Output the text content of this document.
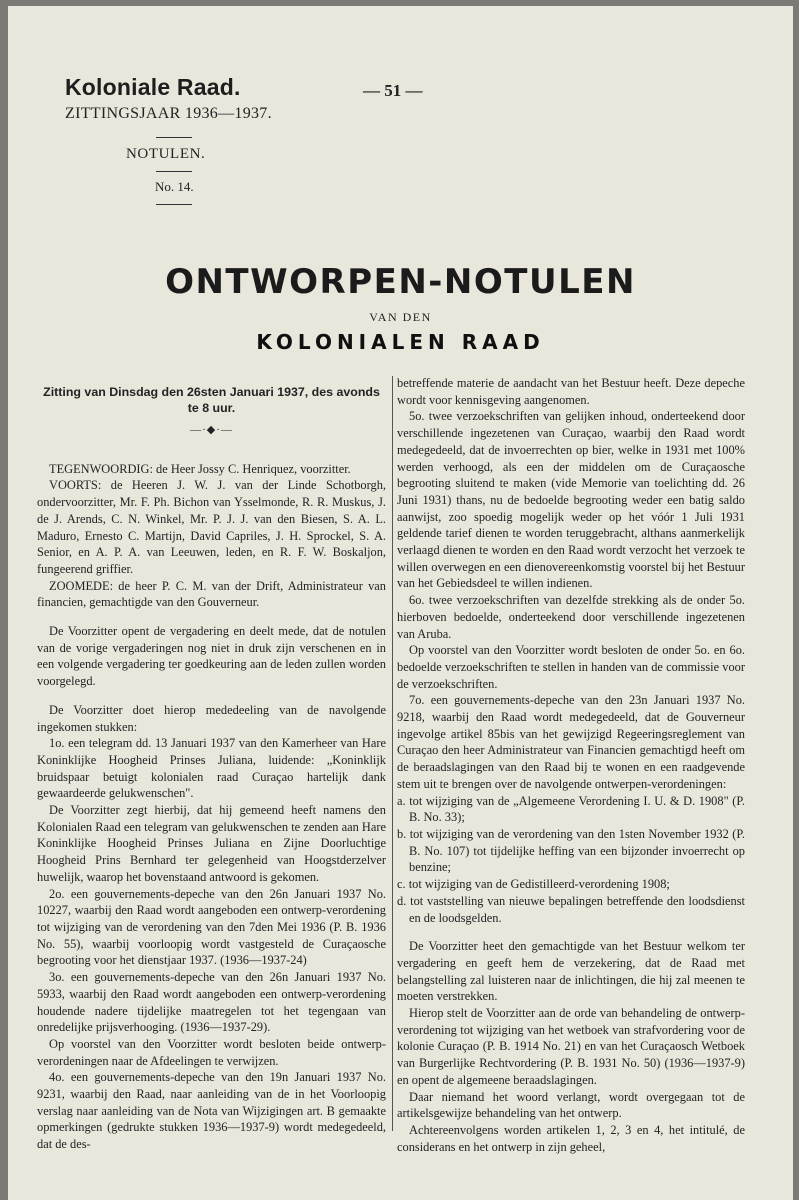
Koloniale Raad.
ZITTINGSJAAR 1936—1937.
— 51 —
NOTULEN.
No. 14.
ONTWORPEN-NOTULEN
VAN DEN
KOLONIALEN RAAD

Zitting van Dinsdag den 26sten Januari 1937, des avonds te 8 uur.

—·◆·—

TEGENWOORDIG: de Heer Jossy C. Henriquez, voorzitter.

VOORTS: de Heeren J. W. J. van der Linde Schotborgh, ondervoorzitter, Mr. F. Ph. Bichon van Ysselmonde, R. R. Muskus, J. de J. Arends, C. N. Winkel, Mr. P. J. J. van den Biesen, S. A. L. Maduro, Ernesto C. Martijn, David Capriles, J. H. Sprockel, S. A. Senior, en A. P. A. van Leeuwen, leden, en R. F. W. Boskaljon, fungeerend griffier.

ZOOMEDE: de heer P. C. M. van der Drift, Administrateur van financien, gemachtigde van den Gouverneur.

De Voorzitter opent de vergadering en deelt mede, dat de notulen van de vorige vergaderingen nog niet in druk zijn verschenen en in een volgende vergadering ter goedkeuring aan de leden zullen worden voorgelegd.

De Voorzitter doet hierop mededeeling van de navolgende ingekomen stukken:

1o. een telegram dd. 13 Januari 1937 van den Kamerheer van Hare Koninklijke Hoogheid Prinses Juliana, luidende: „Koninklijk bruidspaar betuigt kolonialen raad Curaçao hartelijk dank gewaardeerde gelukwenschen".

De Voorzitter zegt hierbij, dat hij gemeend heeft namens den Kolonialen Raad een telegram van gelukwenschen te zenden aan Hare Koninklijke Hoogheid Prinses Juliana en Zijne Doorluchtige Hoogheid Prins Bernhard ter gelegenheid van Hoogstderzelver huwelijk, waarop het bovenstaand antwoord is gekomen.

2o. een gouvernements-depeche van den 26n Januari 1937 No. 10227, waarbij den Raad wordt aangeboden een ontwerp-verordening tot wijziging van de verordening van den 7den Mei 1936 (P. B. 1936 No. 55), waarbij voorloopig wordt vastgesteld de Curaçaosche begrooting voor het dienstjaar 1937. (1936—1937-24)

3o. een gouvernements-depeche van den 26n Januari 1937 No. 5933, waarbij den Raad wordt aangeboden een ontwerp-verordening houdende nadere tijdelijke maatregelen tot het tegengaan van onredelijke prijsverhooging. (1936—1937-29).

Op voorstel van den Voorzitter wordt besloten beide ontwerp-verordeningen naar de Afdeelingen te verwijzen.

4o. een gouvernements-depeche van den 19n Januari 1937 No. 9231, waarbij den Raad, naar aanleiding van de in het Voorloopig verslag naar aanleiding van de Nota van Wijzigingen art. B gemaakte opmerkingen (gedrukte stukken 1936—1937-9) wordt medegedeeld, dat de des-

betreffende materie de aandacht van het Bestuur heeft. Deze depeche wordt voor kennisgeving aangenomen.

5o. twee verzoekschriften van gelijken inhoud, onderteekend door verschillende ingezetenen van Curaçao, waarbij den Raad wordt medegedeeld, dat de invoerrechten op bier, welke in 1931 met 100% werden verhoogd, als een der middelen om de Curaçaosche begrooting sluitend te maken (vide Memorie van toelichting dd. 26 Juni 1931) thans, nu de bedoelde begrooting weder een batig saldo aanwijst, zoo spoedig mogelijk weder op het vóór 1 Juli 1931 geldende tarief dienen te worden teruggebracht, althans aanmerkelijk verlaagd dienen te worden en den Raad wordt verzocht het verzoek te willen overwegen en een dienovereenkomstig voorstel bij het Bestuur van het Gebiedsdeel te willen indienen.

6o. twee verzoekschriften van dezelfde strekking als de onder 5o. hierboven bedoelde, onderteekend door verschillende ingezetenen van Aruba.

Op voorstel van den Voorzitter wordt besloten de onder 5o. en 6o. bedoelde verzoekschriften te stellen in handen van de commissie voor de verzoekschriften.

7o. een gouvernements-depeche van den 23n Januari 1937 No. 9218, waarbij den Raad wordt medegedeeld, dat de Gouverneur ingevolge artikel 85bis van het gewijzigd Regeeringsreglement van Curaçao den heer Administrateur van Financien gemachtigd heeft om de beraadslagingen van den Raad bij te wonen en een raadgevende stem uit te brengen over de navolgende ontwerpen-verordeningen:

a. tot wijziging van de „Algemeene Verordening I. U. & D. 1908" (P. B. No. 33);

b. tot wijziging van de verordening van den 1sten November 1932 (P. B. No. 107) tot tijdelijke heffing van een bijzonder invoerrecht op benzine;

c. tot wijziging van de Gedistilleerd-verordening 1908;

d. tot vaststelling van nieuwe bepalingen betreffende den loodsdienst en de loodsgelden.

De Voorzitter heet den gemachtigde van het Bestuur welkom ter vergadering en geeft hem de verzekering, dat de Raad met belangstelling zal luisteren naar de inlichtingen, die hij zal meenen te moeten verstrekken.

Hierop stelt de Voorzitter aan de orde van behandeling de ontwerp-verordening tot wijziging van het wetboek van strafvordering voor de kolonie Curaçao (P. B. 1914 No. 21) en van het Curaçaosch Wetboek van Burgerlijke Rechtvordering (P. B. 1931 No. 50) (1936—1937-9) en opent de algemeene beraadslagingen.

Daar niemand het woord verlangt, wordt overgegaan tot de artikelsgewijze behandeling van het ontwerp.

Achtereenvolgens worden artikelen 1, 2, 3 en 4, het intitulé, de considerans en het ontwerp in zijn geheel,
